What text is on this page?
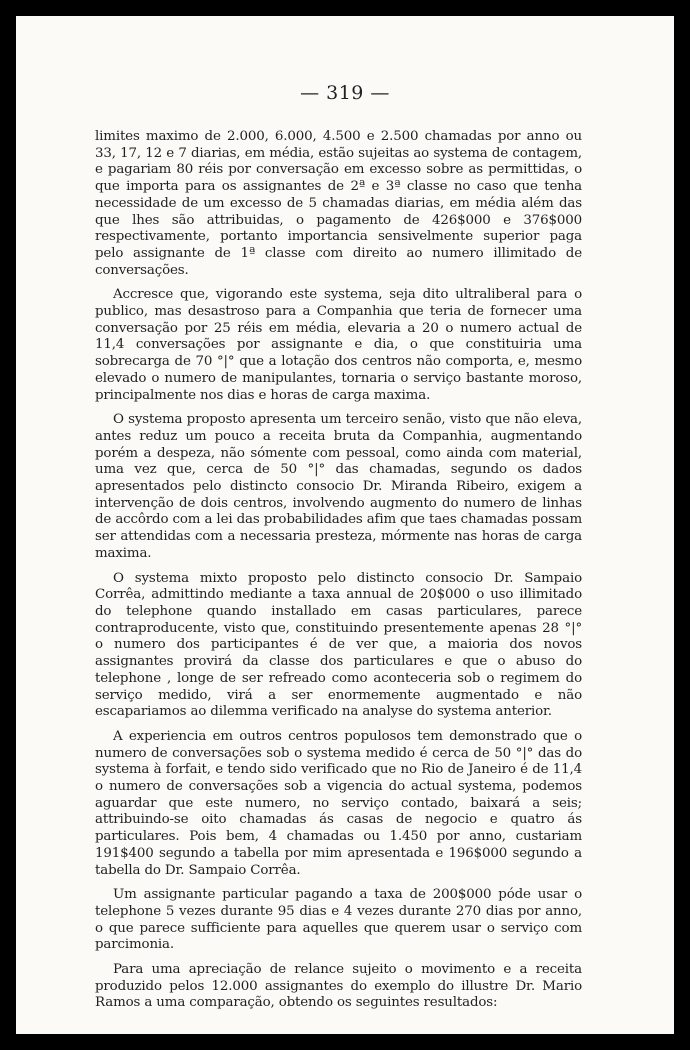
— 319 —

limites maximo de 2.000, 6.000, 4.500 e 2.500 chamadas por anno ou 33, 17, 12 e 7 diarias, em média, estão sujeitas ao systema de contagem, e pagariam 80 réis por conversação em excesso sobre as permittidas, o que importa para os assignantes de 2ª e 3ª classe no caso que tenha necessidade de um excesso de 5 chamadas diarias, em média além das que lhes são attribuidas, o pagamento de 426$000 e 376$000 respectivamente, portanto importancia sensivelmente superior paga pelo assignante de 1ª classe com direito ao numero illimitado de conversações.

Accresce que, vigorando este systema, seja dito ultraliberal para o publico, mas desastroso para a Companhia que teria de fornecer uma conversação por 25 réis em média, elevaria a 20 o numero actual de 11,4 conversações por assignante e dia, o que constituiria uma sobrecarga de 70 °|° que a lotação dos centros não comporta, e, mesmo elevado o numero de manipulantes, tornaria o serviço bastante moroso, principalmente nos dias e horas de carga maxima.

O systema proposto apresenta um terceiro senão, visto que não eleva, antes reduz um pouco a receita bruta da Companhia, augmentando porém a despeza, não sómente com pessoal, como ainda com material, uma vez que, cerca de 50 °|° das chamadas, segundo os dados apresentados pelo distincto consocio Dr. Miranda Ribeiro, exigem a intervenção de dois centros, involvendo augmento do numero de linhas de accôrdo com a lei das probabilidades afim que taes chamadas possam ser attendidas com a necessaria presteza, mórmente nas horas de carga maxima.

O systema mixto proposto pelo distincto consocio Dr. Sampaio Corrêa, admittindo mediante a taxa annual de 20$000 o uso illimitado do telephone quando installado em casas particulares, parece contraproducente, visto que, constituindo presentemente apenas 28 °|° o numero dos participantes é de ver que, a maioria dos novos assignantes provirá da classe dos particulares e que o abuso do telephone , longe de ser refreado como aconteceria sob o regimem do serviço medido, virá a ser enormemente augmentado e não escapariamos ao dilemma verificado na analyse do systema anterior.

A experiencia em outros centros populosos tem demonstrado que o numero de conversações sob o systema medido é cerca de 50 °|° das do systema à forfait, e tendo sido verificado que no Rio de Janeiro é de 11,4 o numero de conversações sob a vigencia do actual systema, podemos aguardar que este numero, no serviço contado, baixará a seis; attribuindo-se oito chamadas ás casas de negocio e quatro ás particulares. Pois bem, 4 chamadas ou 1.450 por anno, custariam 191$400 segundo a tabella por mim apresentada e 196$000 segundo a tabella do Dr. Sampaio Corrêa.

Um assignante particular pagando a taxa de 200$000 póde usar o telephone 5 vezes durante 95 dias e 4 vezes durante 270 dias por anno, o que parece sufficiente para aquelles que querem usar o serviço com parcimonia.

Para uma apreciação de relance sujeito o movimento e a receita produzido pelos 12.000 assignantes do exemplo do illustre Dr. Mario Ramos a uma comparação, obtendo os seguintes resultados:
